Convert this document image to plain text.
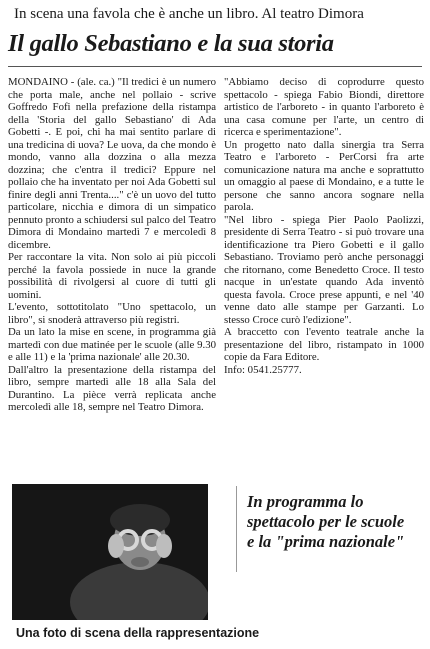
In scena una favola che è anche un libro. Al teatro Dimora
Il gallo Sebastiano e la sua storia

MONDAINO - (ale. ca.) "Il tredici è un numero che porta male, anche nel pollaio - scrive Goffredo Fofi nella prefazione della ristampa della 'Storia del gallo Sebastiano' di Ada Gobetti -. E poi, chi ha mai sentito parlare di una tredicina di uova? Le uova, da che mondo è mondo, vanno alla dozzina o alla mezza dozzina; che c'entra il tredici? Eppure nel pollaio che ha inventato per noi Ada Gobetti sul finire degli anni Trenta...." c'è un uovo del tutto particolare, nicchia e dimora di un simpatico pennuto pronto a schiudersi sul palco del Teatro Dimora di Mondaino martedì 7 e mercoledì 8 dicembre.

Per raccontare la vita. Non solo ai più piccoli perché la favola possiede in nuce la grande possibilità di rivolgersi al cuore di tutti gli uomini.

L'evento, sottotitolato "Uno spettacolo, un libro", si snoderà attraverso più registri.

Da un lato la mise en scene, in programma già martedì con due matinée per le scuole (alle 9.30 e alle 11) e la 'prima nazionale' alle 20.30.

Dall'altro la presentazione della ristampa del libro, sempre martedì alle 18 alla Sala del Durantino. La pièce verrà replicata anche mercoledì alle 18, sempre nel Teatro Dimora.

"Abbiamo deciso di coprodurre questo spettacolo - spiega Fabio Biondi, direttore artistico de l'arboreto - in quanto l'arboreto è una casa comune per l'arte, un centro di ricerca e sperimentazione".

Un progetto nato dalla sinergia tra Serra Teatro e l'arboreto - PerCorsi fra arte comunicazione natura ma anche e soprattutto un omaggio al paese di Mondaino, e a tutte le persone che sanno ancora sognare nella parola.

"Nel libro - spiega Pier Paolo Paolizzi, presidente di Serra Teatro - si può trovare una identificazione tra Piero Gobetti e il gallo Sebastiano. Troviamo però anche personaggi che ritornano, come Benedetto Croce. Il testo nacque in un'estate quando Ada inventò questa favola. Croce prese appunti, e nel '40 venne dato alle stampe per Garzanti. Lo stesso Croce curò l'edizione".

A braccetto con l'evento teatrale anche la presentazione del libro, ristampato in 1000 copie da Fara Editore.

Info: 0541.25777.

In programma lo
spettacolo per le scuole
e la "prima nazionale"
Una foto di scena della rappresentazione
